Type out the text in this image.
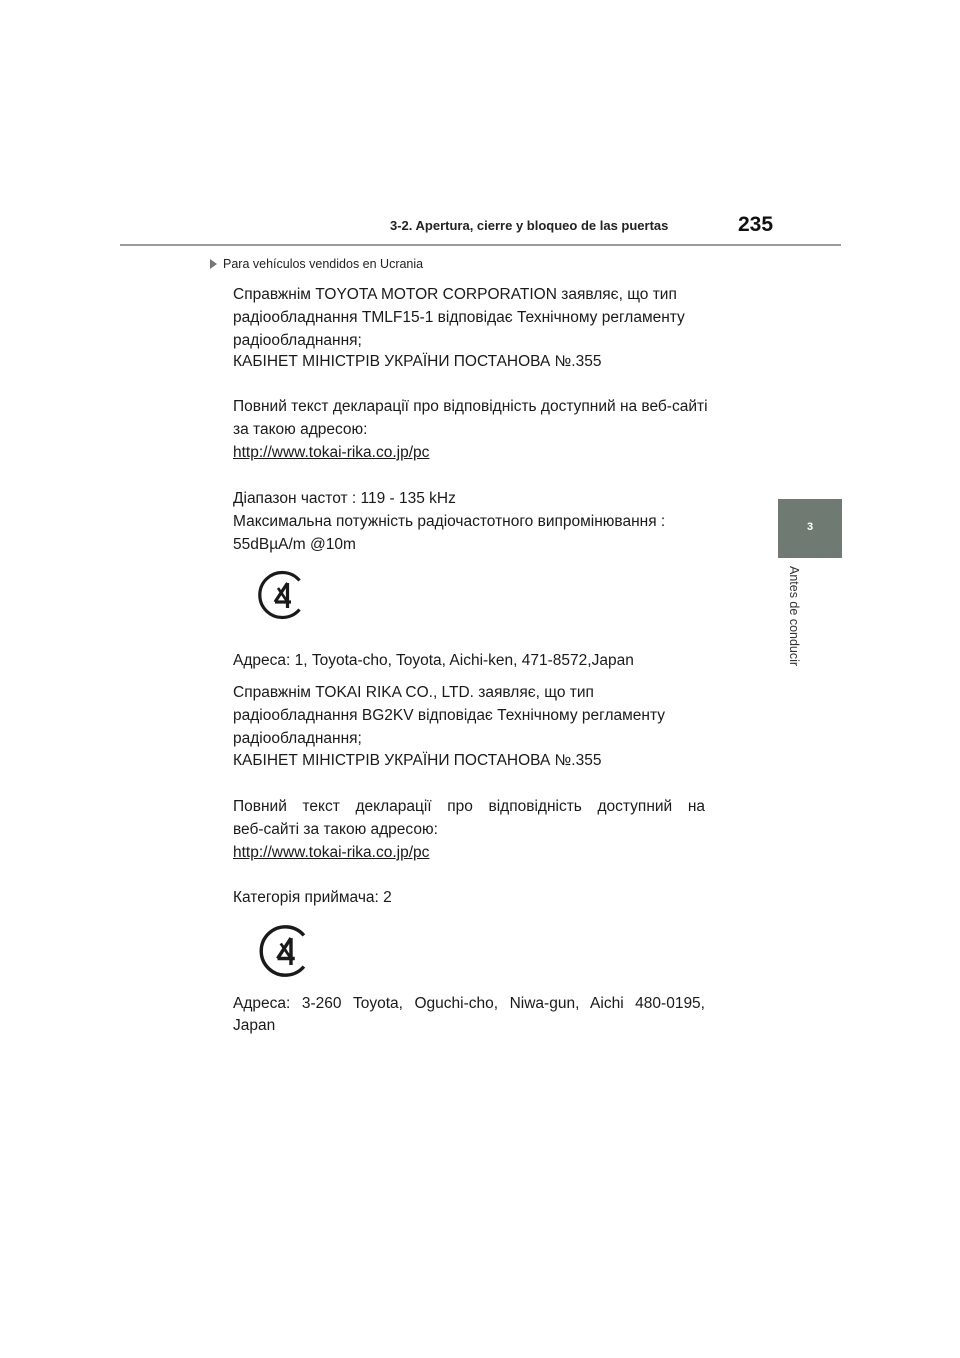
3-2. Apertura, cierre y bloqueo de las puertas	235
3
Antes de conducir
Para vehículos vendidos en Ucrania
Справжнім TOYOTA MOTOR CORPORATION заявляє, що тип
радіообладнання TMLF15-1 відповідає Технічному регламенту
радіообладнання;
КАБІНЕТ МІНІСТРІВ УКРАЇНИ ПОСТАНОВА №.355
Повний текст декларації про відповідність доступний на веб-сайті
за такою адресою:
http://www.tokai-rika.co.jp/pc
Діапазон частот : 119 - 135 kHz
Максимальна потужність радіочастотного випромінювання :
55dBµA/m @10m
Адреса: 1, Toyota-cho, Toyota, Aichi-ken, 471-8572,Japan
Справжнім TOKAI RIKA CO., LTD. заявляє, що тип
радіообладнання BG2KV відповідає Технічному регламенту
радіообладнання;
КАБІНЕТ МІНІСТРІВ УКРАЇНИ ПОСТАНОВА №.355
Повний текст декларації про відповідність доступний на
веб-сайті за такою адресою:
http://www.tokai-rika.co.jp/pc
Категорія приймача: 2
Адреса: 3-260 Toyota, Oguchi-cho, Niwa-gun, Aichi 480-0195,
Japan
